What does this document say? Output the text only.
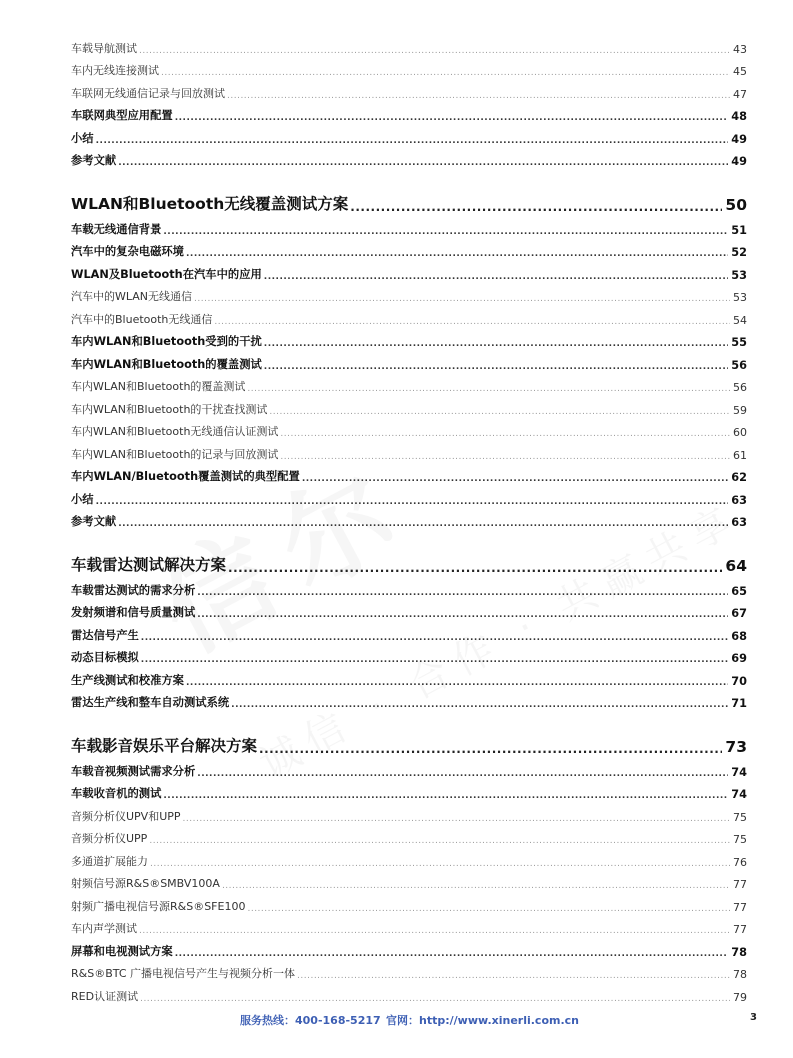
车载导航测试 .....	43
车内无线连接测试 .....	45
车联网无线通信记录与回放测试 .....	47
车联网典型应用配置 .....	48
小结 .....	49
参考文献 .....	49
WLAN和Bluetooth无线覆盖测试方案 .....	50
车载无线通信背景 .....	51
汽车中的复杂电磁环境 .....	52
WLAN及Bluetooth在汽车中的应用 .....	53
汽车中的WLAN无线通信 .....	53
汽车中的Bluetooth无线通信 .....	54
车内WLAN和Bluetooth受到的干扰 .....	55
车内WLAN和Bluetooth的覆盖测试 .....	56
车内WLAN和Bluetooth的覆盖测试 .....	56
车内WLAN和Bluetooth的干扰查找测试 .....	59
车内WLAN和Bluetooth无线通信认证测试 .....	60
车内WLAN和Bluetooth的记录与回放测试 .....	61
车内WLAN/Bluetooth覆盖测试的典型配置 .....	62
小结 .....	63
参考文献 .....	63
车载雷达测试解决方案 .....	64
车载雷达测试的需求分析 .....	65
发射频谱和信号质量测试 .....	67
雷达信号产生 .....	68
动态目标模拟 .....	69
生产线测试和校准方案 .....	70
雷达生产线和整车自动测试系统 .....	71
车载影音娱乐平台解决方案 .....	73
车载音视频测试需求分析 .....	74
车载收音机的测试 .....	74
音频分析仪UPV和UPP .....	75
音频分析仪UPP .....	75
多通道扩展能力 .....	76
射频信号源R&S®SMBV100A .....	77
射频广播电视信号源R&S®SFE100 .....	77
车内声学测试 .....	77
屏幕和电视测试方案 .....	78
R&S®BTC 广播电视信号产生与视频分析一体 .....	78
RED认证测试 .....	79
服务热线：400-168-5217 官网：http://www.xinerli.com.cn	3
